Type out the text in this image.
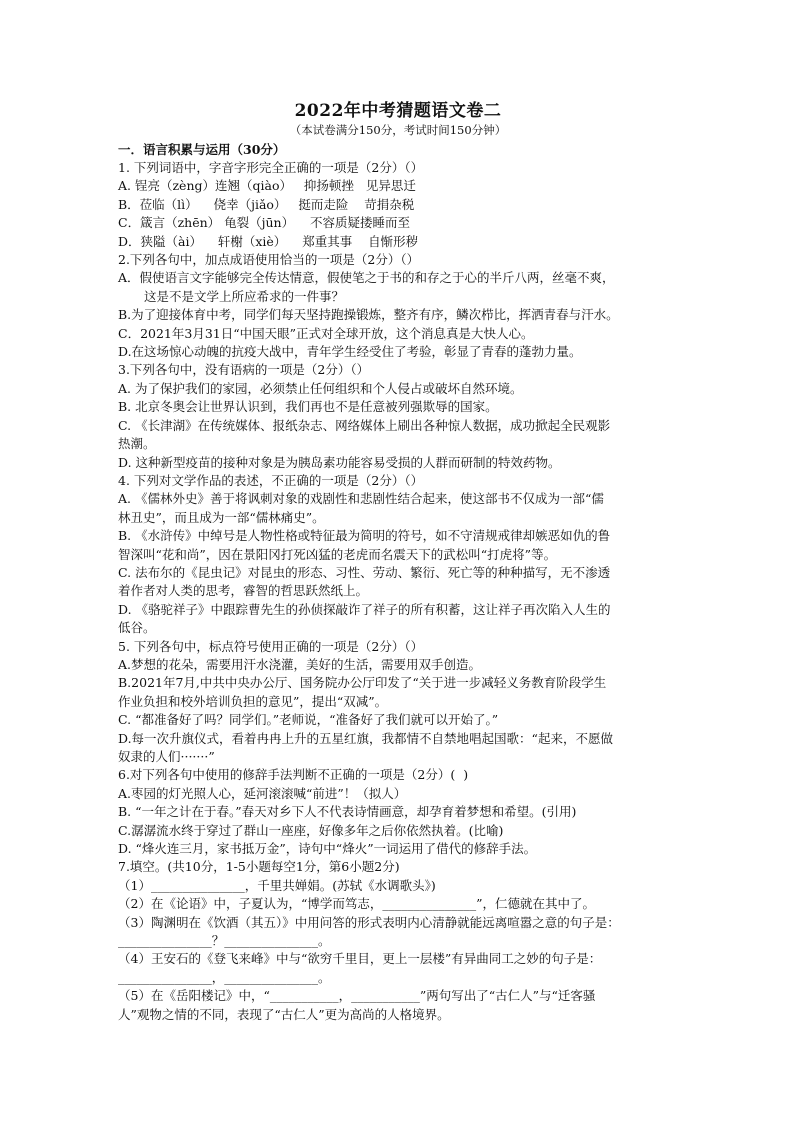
2022年中考猜题语文卷二
（本试卷满分150分，考试时间150分钟）
一．语言积累与运用（30分）
1. 下列词语中，字音字形完全正确的一项是（2分）（）
A. 锃亮（zèng）连翘（qiào）   抑扬顿挫   见异思迁
B．莅临（lì）    侥幸（jiǎo）   挺而走险    苛捐杂税
C．箴言（zhēn） 龟裂（jūn）    不容质疑搂睡而至
D．狭隘（ài）    轩榭（xiè）    郑重其事    自惭形秽
2.下列各句中，加点成语使用恰当的一项是（2分）（）
A．假使语言文字能够完全传达情意，假使笔之于书的和存之于心的半斤八两，丝毫不爽，
这是不是文学上所应希求的一件事？
B.为了迎接体育中考，同学们每天坚持跑操锻炼，整齐有序，鳞次栉比，挥洒青春与汗水。
C．2021年3月31日“中国天眼”正式对全球开放，这个消息真是大快人心。
D.在这场惊心动魄的抗疫大战中，青年学生经受住了考验，彰显了青春的蓬勃力量。
3.下列各句中，没有语病的一项是（2分）（）
A. 为了保护我们的家园，必须禁止任何组织和个人侵占或破坏自然环境。
B. 北京冬奥会让世界认识到，我们再也不是任意被列强欺辱的国家。
C. 《长津湖》在传统媒体、报纸杂志、网络媒体上刷出各种惊人数据，成功掀起全民观影
热潮。
D. 这种新型疫苗的接种对象是为胰岛素功能容易受损的人群而研制的特效药物。
4. 下列对文学作品的表述，不正确的一项是（2分）（）
A. 《儒林外史》善于将讽刺对象的戏剧性和悲剧性结合起来，使这部书不仅成为一部“儒
林丑史”，而且成为一部“儒林痛史”。
B. 《水浒传》中绰号是人物性格或特征最为简明的符号，如不守清规戒律却嫉恶如仇的鲁
智深叫“花和尚”，因在景阳冈打死凶猛的老虎而名震天下的武松叫“打虎将”等。
C. 法布尔的《昆虫记》对昆虫的形态、习性、劳动、繁衍、死亡等的种种描写，无不渗透
着作者对人类的思考，睿智的哲思跃然纸上。
D. 《骆驼祥子》中跟踪曹先生的孙侦探敲诈了祥子的所有积蓄，这让祥子再次陷入人生的
低谷。
5. 下列各句中，标点符号使用正确的一项是（2分）（）
A.梦想的花朵，需要用汗水浇灌，美好的生活，需要用双手创造。
B.2021年7月,中共中央办公厅、国务院办公厅印发了“关于进一步减轻义务教育阶段学生
作业负担和校外培训负担的意见”，提出“双减”。
C. “都准备好了吗？同学们。”老师说，“准备好了我们就可以开始了。”
D.每一次升旗仪式，看着冉冉上升的五星红旗，我都情不自禁地唱起国歌：“起来，不愿做
奴隶的人们·······”
6.对下列各句中使用的修辞手法判断不正确的一项是（2分）(  )
A.枣园的灯光照人心，延河滚滚喊“前进”！（拟人）
B. “一年之计在于春。”春天对乡下人不代表诗情画意，却孕育着梦想和希望。(引用)
C.潺潺流水终于穿过了群山一座座，好像多年之后你依然执着。(比喻)
D. “烽火连三月，家书抵万金”，诗句中“烽火”一词运用了借代的修辞手法。
7.填空。(共10分，1-5小题每空1分，第6小题2分)
（1）_______________，千里共婵娟。(苏轼《水调歌头》)
（2）在《论语》中，子夏认为，“博学而笃志，_______________”，仁德就在其中了。
（3）陶渊明在《饮酒（其五）》中用问答的形式表明内心清静就能远离喧嚣之意的句子是：
_______________？_______________。
（4）王安石的《登飞来峰》中与“欲穷千里目，更上一层楼”有异曲同工之妙的句子是：
_______________，_______________。
（5）在《岳阳楼记》中，“___________，___________”两句写出了“古仁人”与“迁客骚
人”观物之情的不同，表现了“古仁人”更为高尚的人格境界。
